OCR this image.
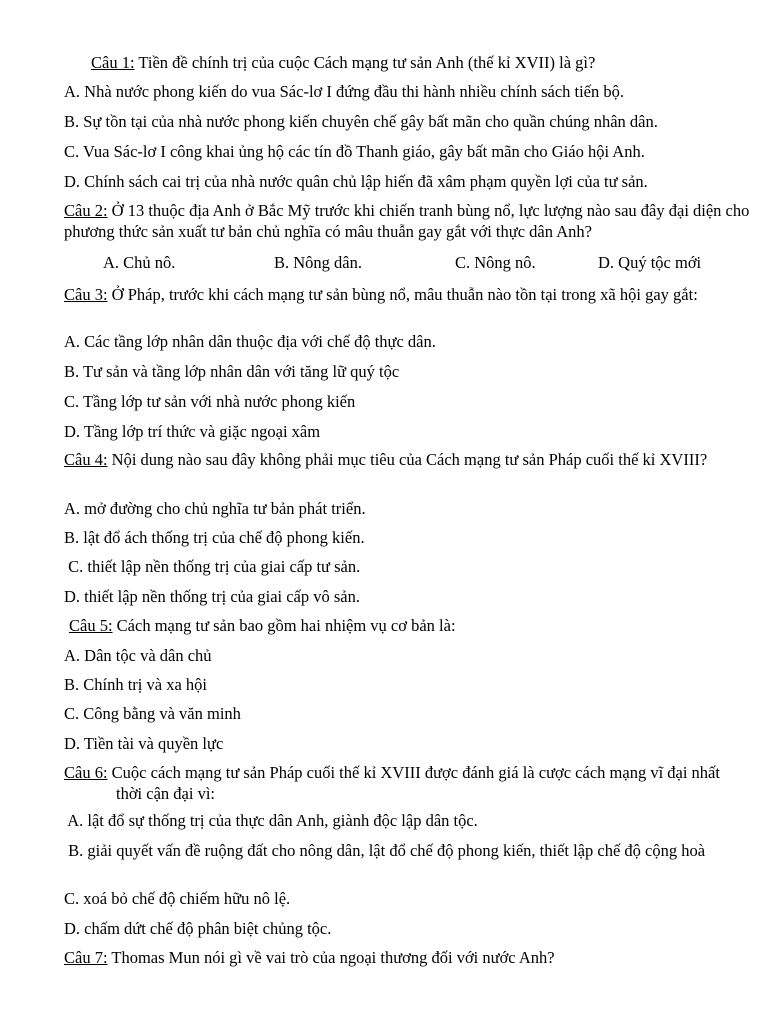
Câu 1: Tiền đề chính trị của cuộc Cách mạng tư sản Anh (thế kỉ XVII) là gì?
A. Nhà nước phong kiến do vua Sác-lơ I đứng đầu thi hành nhiều chính sách tiến bộ.
B. Sự tồn tại của nhà nước phong kiến chuyên chế gây bất mãn cho quần chúng nhân dân.
C. Vua Sác-lơ I công khai ủng hộ các tín đồ Thanh giáo, gây bất mãn cho Giáo hội Anh.
D. Chính sách cai trị của nhà nước quân chủ lập hiến đã xâm phạm quyền lợi của tư sản.
Câu 2: Ở 13 thuộc địa Anh ở Bắc Mỹ trước khi chiến tranh bùng nổ, lực lượng nào sau đây đại diện cho phương thức sản xuất tư bản chủ nghĩa có mâu thuẫn gay gắt với thực dân Anh?
A. Chủ nô.	B. Nông dân.	C. Nông nô.	D. Quý tộc mới
Câu 3: Ở Pháp, trước khi cách mạng tư sản bùng nổ, mâu thuẫn nào tồn tại trong xã hội gay gắt:
A. Các tầng lớp nhân dân thuộc địa với chế độ thực dân.
B. Tư sản và tầng lớp nhân dân với tăng lữ quý tộc
C. Tầng lớp tư sản với nhà nước phong kiến
D. Tầng lớp trí thức và giặc ngoại xâm
Câu 4: Nội dung nào sau đây không phải mục tiêu của Cách mạng tư sản Pháp cuối thế kỉ XVIII?
A. mở đường cho chủ nghĩa tư bản phát triển.
B. lật đổ ách thống trị của chế độ phong kiến.
C. thiết lập nền thống trị của giai cấp tư sản.
D. thiết lập nền thống trị của giai cấp vô sản.
Câu 5: Cách mạng tư sản bao gồm hai nhiệm vụ cơ bản là:
A. Dân tộc và dân chủ
B. Chính trị và xa hội
C. Công bằng và văn minh
D. Tiền tài và quyền lực
Câu 6: Cuộc cách mạng tư sản Pháp cuối thế kỉ XVIII được đánh giá là cược cách mạng vĩ đại nhất thời cận đại vì:
A. lật đổ sự thống trị của thực dân Anh, giành độc lập dân tộc.
B. giải quyết vấn đề ruộng đất cho nông dân, lật đổ chế độ phong kiến, thiết lập chế độ cộng hoà
C. xoá bỏ chế độ chiếm hữu nô lệ.
D. chấm dứt chế độ phân biệt chủng tộc.
Câu 7: Thomas Mun nói gì về vai trò của ngoại thương đối với nước Anh?
